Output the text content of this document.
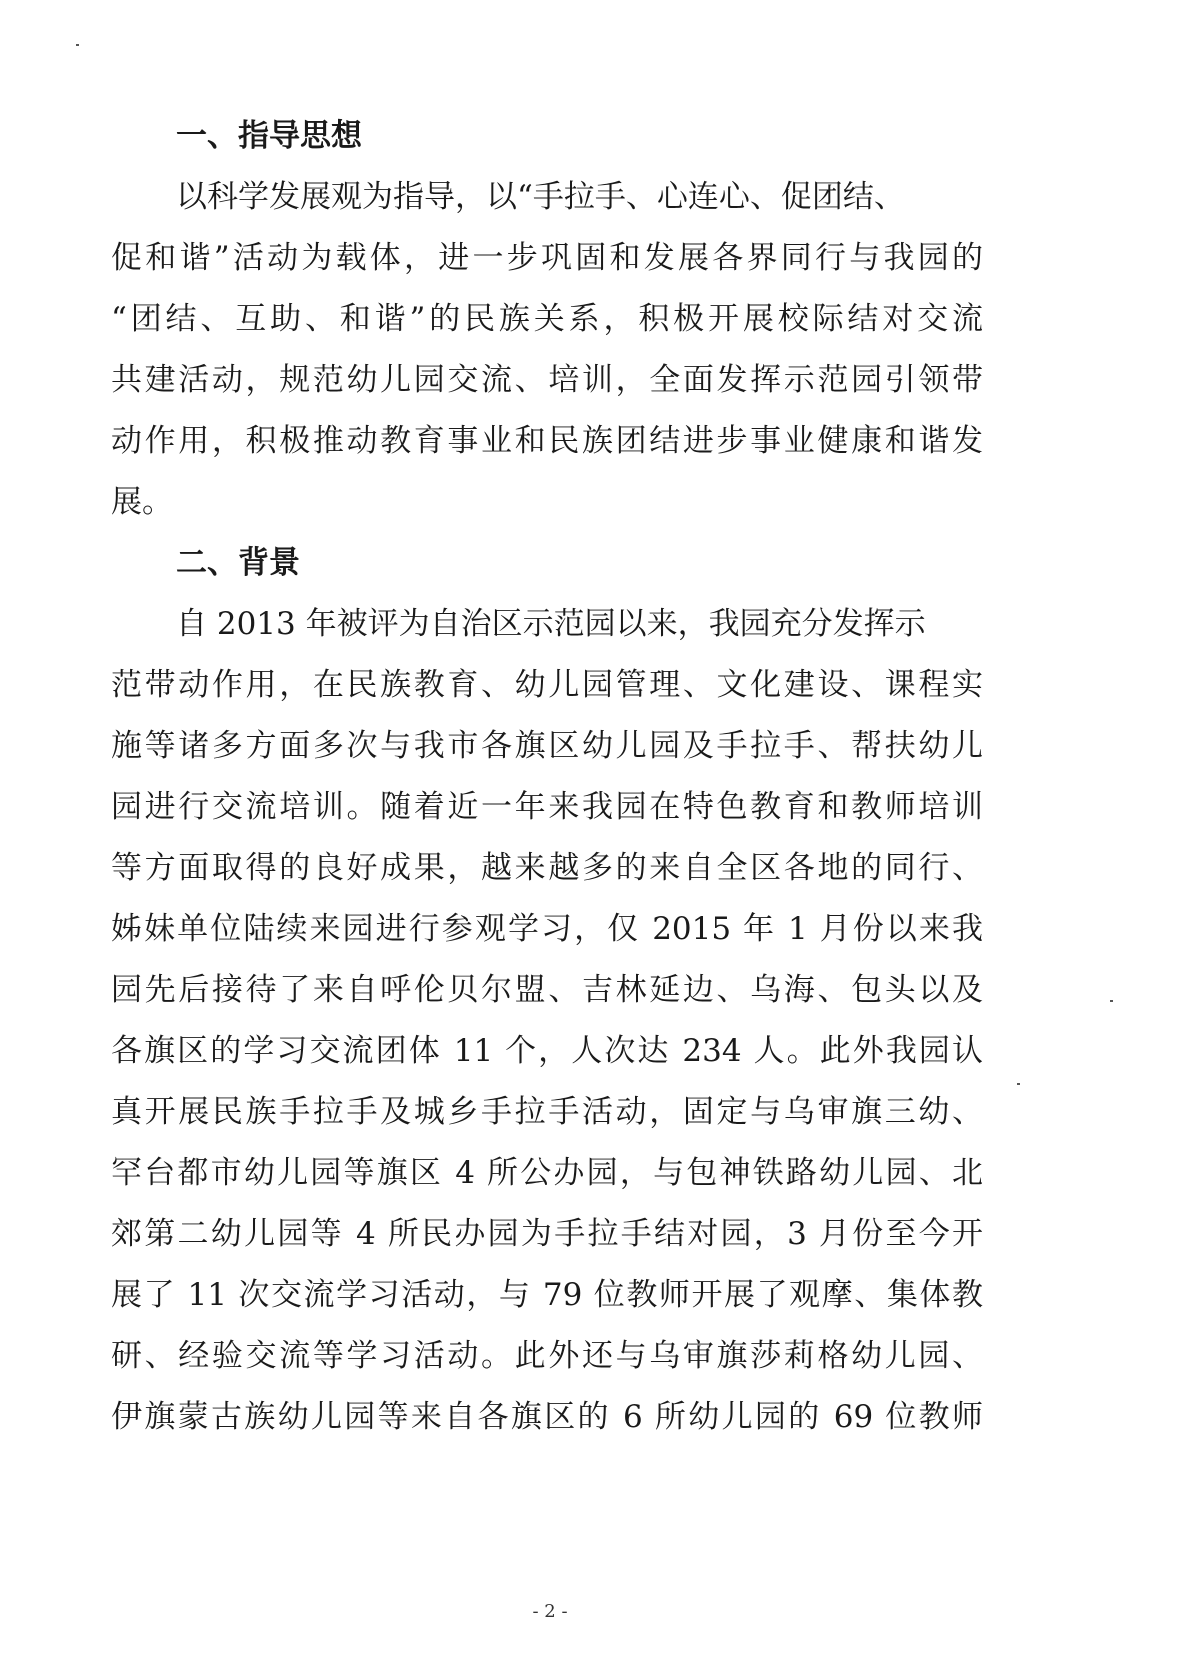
一、指导思想
以科学发展观为指导，以“手拉手、心连心、促团结、
促和谐”活动为载体，进一步巩固和发展各界同行与我园的
“团结、互助、和谐”的民族关系，积极开展校际结对交流
共建活动，规范幼儿园交流、培训，全面发挥示范园引领带
动作用，积极推动教育事业和民族团结进步事业健康和谐发
展。
二、背景
自 2013 年被评为自治区示范园以来，我园充分发挥示
范带动作用，在民族教育、幼儿园管理、文化建设、课程实
施等诸多方面多次与我市各旗区幼儿园及手拉手、帮扶幼儿
园进行交流培训。随着近一年来我园在特色教育和教师培训
等方面取得的良好成果，越来越多的来自全区各地的同行、
姊妹单位陆续来园进行参观学习，仅 2015 年 1 月份以来我
园先后接待了来自呼伦贝尔盟、吉林延边、乌海、包头以及
各旗区的学习交流团体 11 个，人次达 234 人。此外我园认
真开展民族手拉手及城乡手拉手活动，固定与乌审旗三幼、
罕台都市幼儿园等旗区 4 所公办园，与包神铁路幼儿园、北
郊第二幼儿园等 4 所民办园为手拉手结对园，3 月份至今开
展了 11 次交流学习活动，与 79 位教师开展了观摩、集体教
研、经验交流等学习活动。此外还与乌审旗莎莉格幼儿园、
伊旗蒙古族幼儿园等来自各旗区的 6 所幼儿园的 69 位教师
- 2 -
